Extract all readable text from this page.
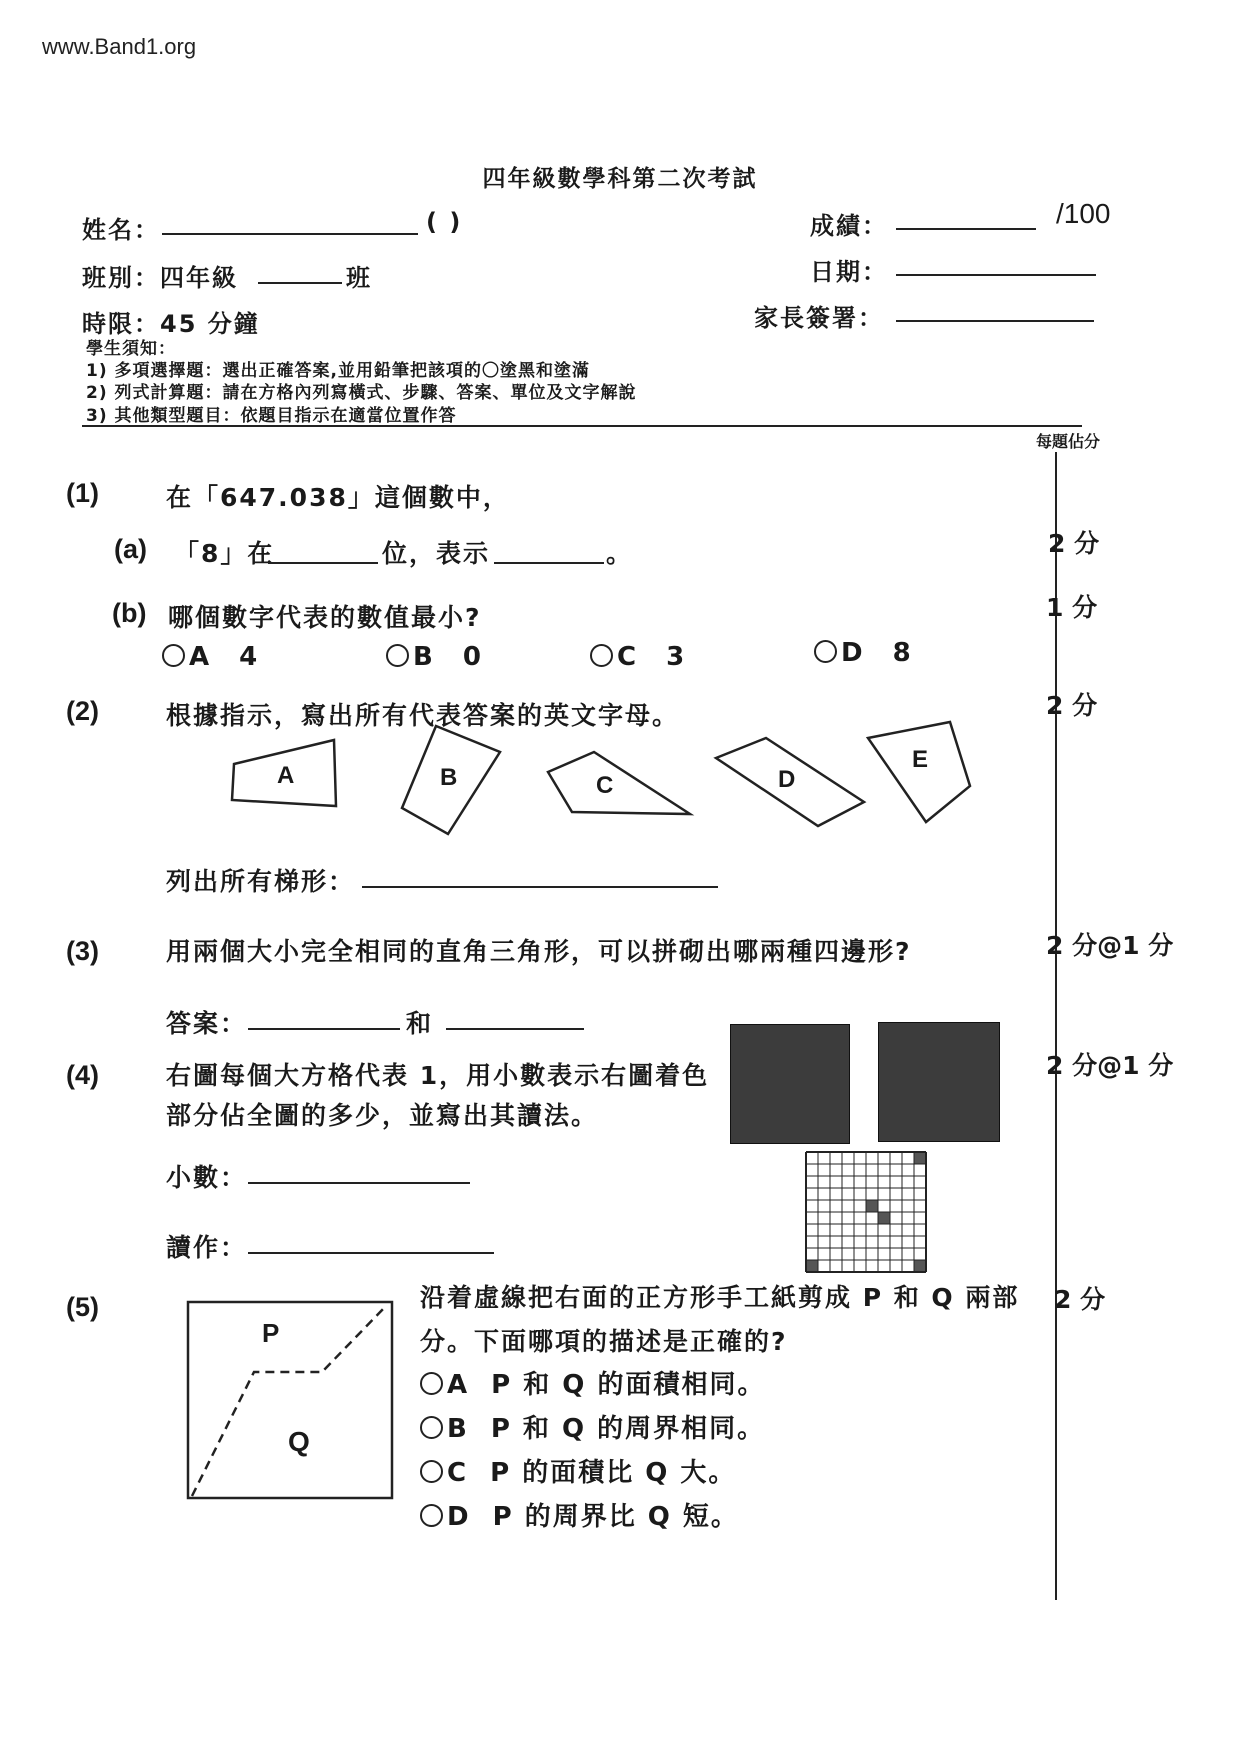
www.Band1.org
四年級數學科第二次考試
姓名：	( )	成績：	/100
班別：四年級	班	日期：
時限：45 分鐘	家長簽署：
學生須知：
1) 多項選擇題：選出正確答案,並用鉛筆把該項的〇塗黑和塗滿
2) 列式計算題：請在方格內列寫橫式、步驟、答案、單位及文字解說
3) 其他類型題目：依題目指示在適當位置作答
每題佔分
(1)	在「647.038」這個數中，
(a) 「8」在	位，表示	。	2 分
(b) 哪個數字代表的數值最小?	1 分
A 4	B 0	C 3	D 8
(2)	根據指示，寫出所有代表答案的英文字母。	2 分
A	B	C	D
E
列出所有梯形：
(3)	用兩個大小完全相同的直角三角形，可以拼砌出哪兩種四邊形?	2 分@1 分
答案：	和
(4)	右圖每個大方格代表 1，用小數表示右圖着色
部分佔全圖的多少，並寫出其讀法。
2 分@1 分
小數：
讀作：
(5)	2 分
P
Q
沿着虛線把右面的正方形手工紙剪成 P 和 Q 兩部
分。下面哪項的描述是正確的?
A P 和 Q 的面積相同。
B P 和 Q 的周界相同。
C P 的面積比 Q 大。
D P 的周界比 Q 短。
